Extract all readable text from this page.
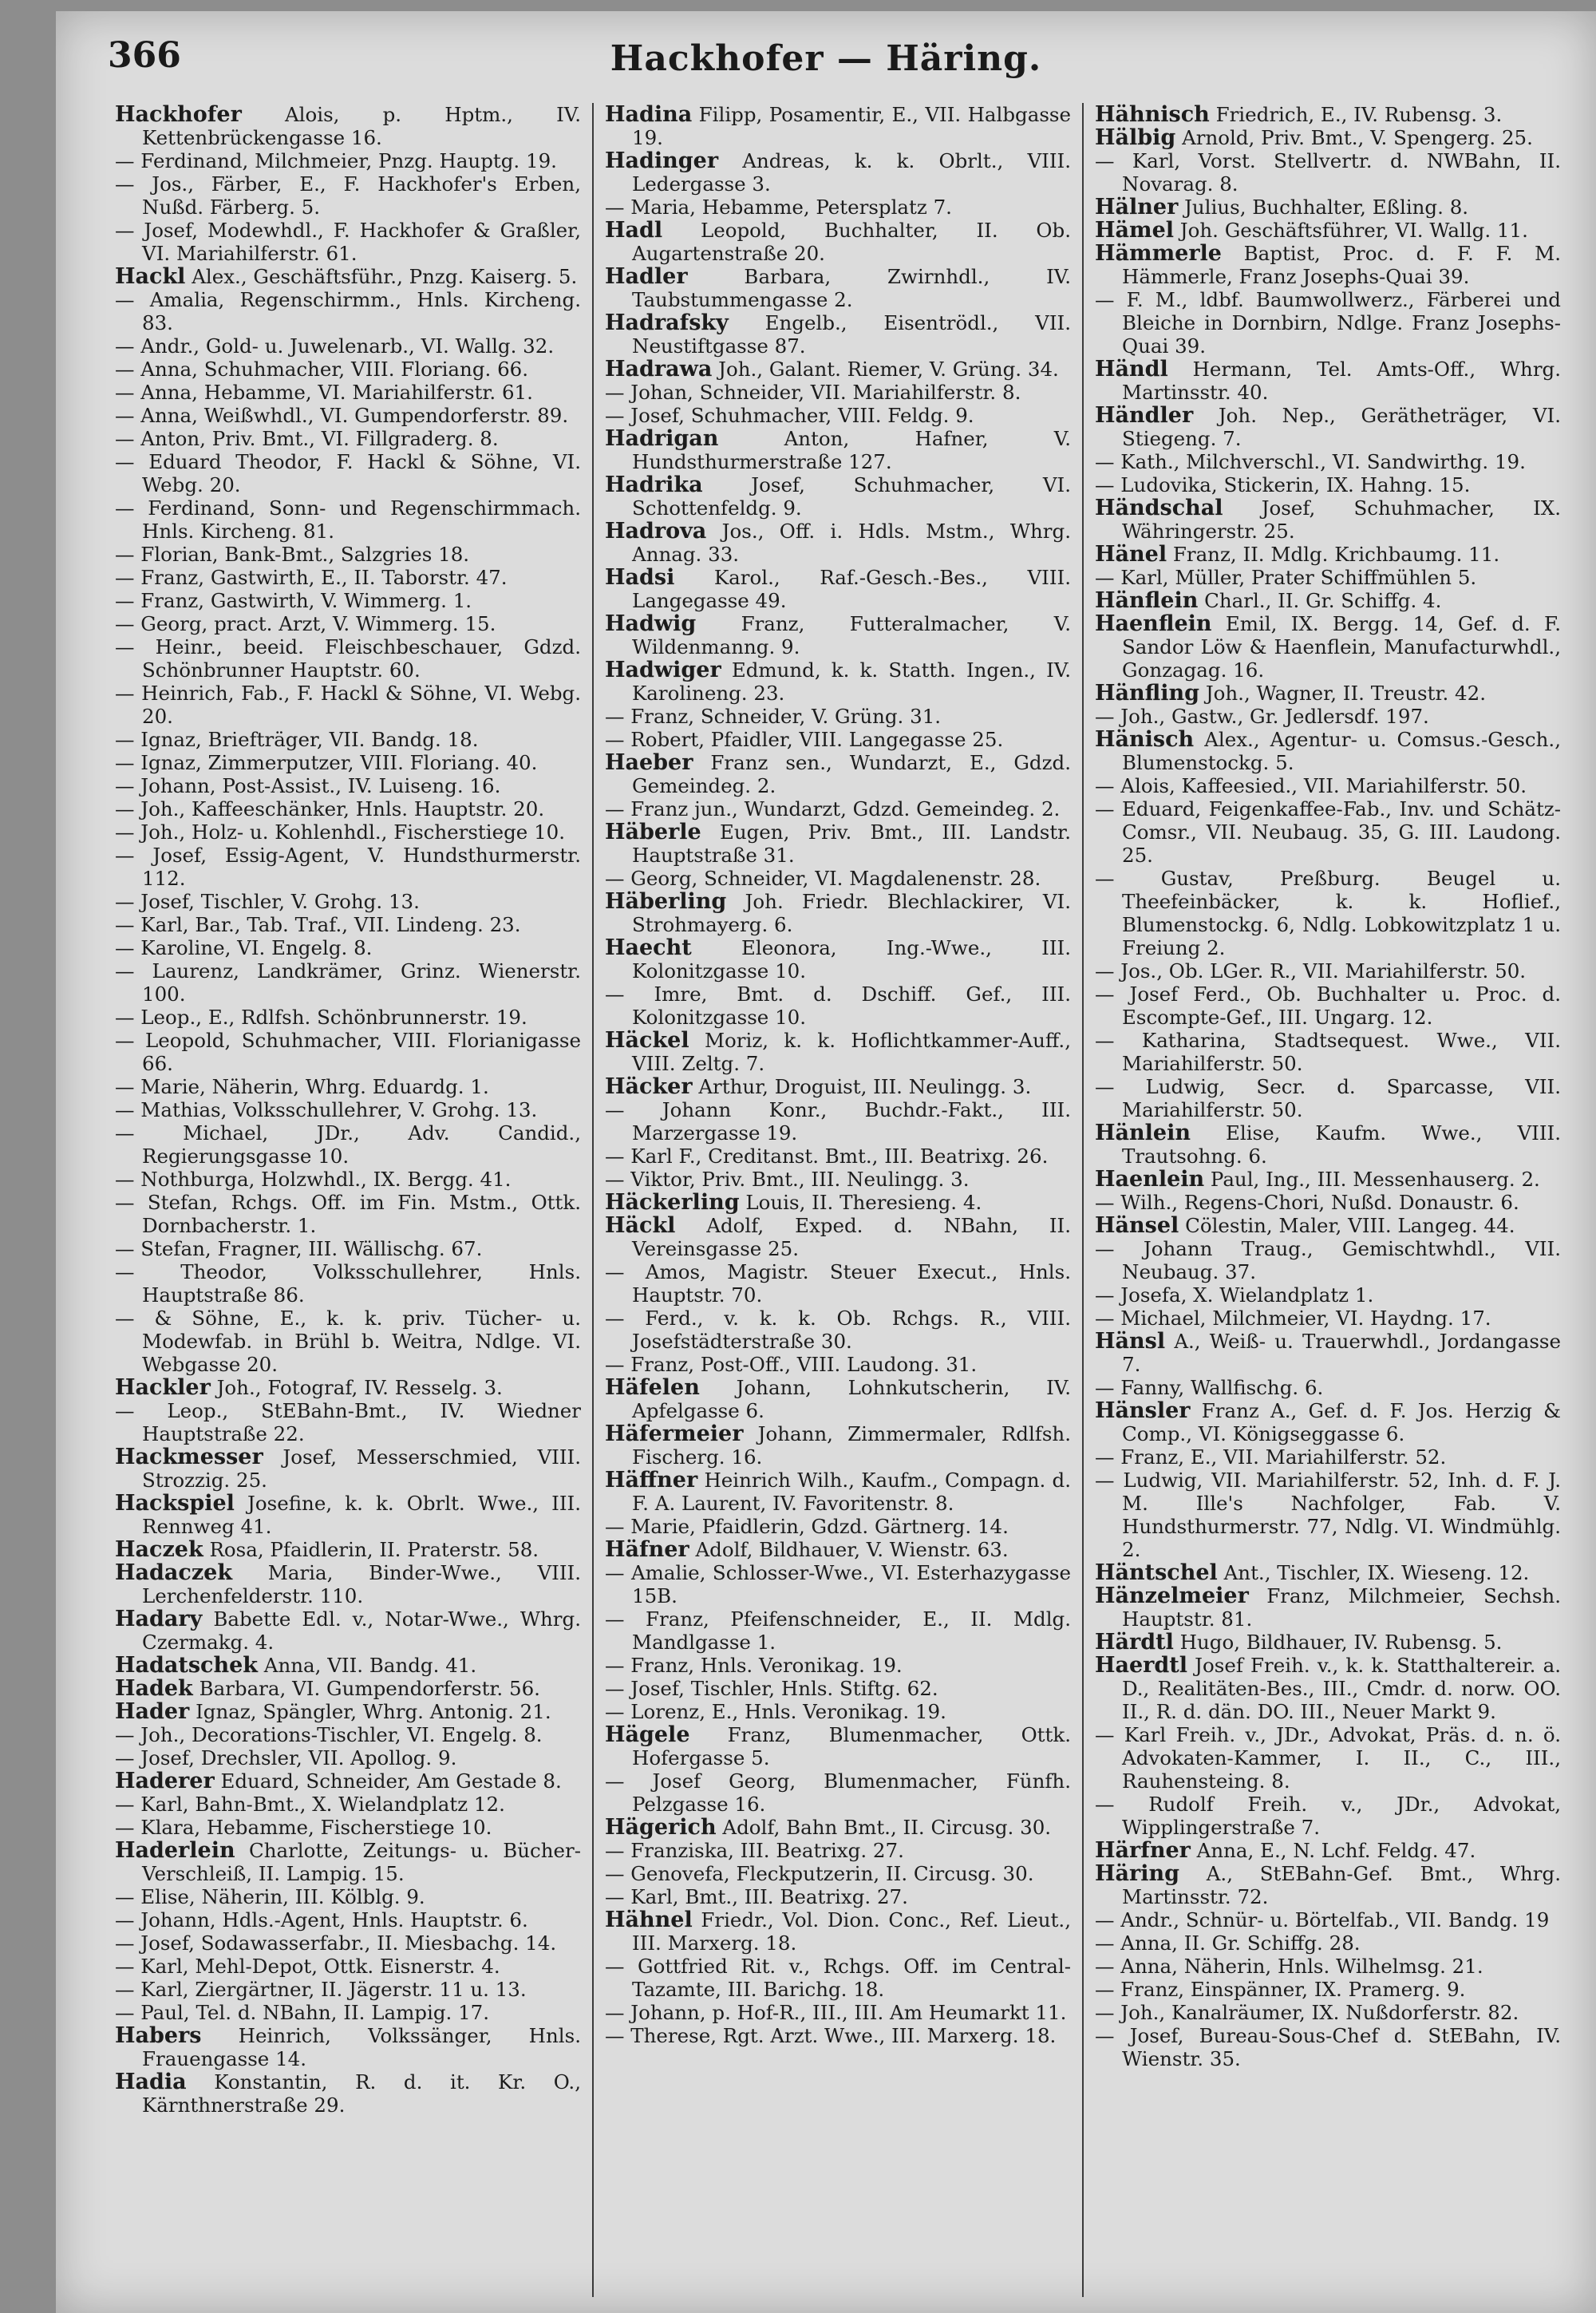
366	Hackhofer — Häring.

Hackhofer Alois, p. Hptm., IV. Kettenbrückengasse 16.

— Ferdinand, Milchmeier, Pnzg. Hauptg. 19.

— Jos., Färber, E., F. Hackhofer's Erben, Nußd. Färberg. 5.

— Josef, Modewhdl., F. Hackhofer & Graßler, VI. Mariahilferstr. 61.

Hackl Alex., Geschäftsführ., Pnzg. Kaiserg. 5.

— Amalia, Regenschirmm., Hnls. Kircheng. 83.

— Andr., Gold- u. Juwelenarb., VI. Wallg. 32.

— Anna, Schuhmacher, VIII. Floriang. 66.

— Anna, Hebamme, VI. Mariahilferstr. 61.

— Anna, Weißwhdl., VI. Gumpendorferstr. 89.

— Anton, Priv. Bmt., VI. Fillgraderg. 8.

— Eduard Theodor, F. Hackl & Söhne, VI. Webg. 20.

— Ferdinand, Sonn- und Regenschirmmach. Hnls. Kircheng. 81.

— Florian, Bank-Bmt., Salzgries 18.

— Franz, Gastwirth, E., II. Taborstr. 47.

— Franz, Gastwirth, V. Wimmerg. 1.

— Georg, pract. Arzt, V. Wimmerg. 15.

— Heinr., beeid. Fleischbeschauer, Gdzd. Schönbrunner Hauptstr. 60.

— Heinrich, Fab., F. Hackl & Söhne, VI. Webg. 20.

— Ignaz, Briefträger, VII. Bandg. 18.

— Ignaz, Zimmerputzer, VIII. Floriang. 40.

— Johann, Post-Assist., IV. Luiseng. 16.

— Joh., Kaffeeschänker, Hnls. Hauptstr. 20.

— Joh., Holz- u. Kohlenhdl., Fischerstiege 10.

— Josef, Essig-Agent, V. Hundsthurmerstr. 112.

— Josef, Tischler, V. Grohg. 13.

— Karl, Bar., Tab. Traf., VII. Lindeng. 23.

— Karoline, VI. Engelg. 8.

— Laurenz, Landkrämer, Grinz. Wienerstr. 100.

— Leop., E., Rdlfsh. Schönbrunnerstr. 19.

— Leopold, Schuhmacher, VIII. Florianigasse 66.

— Marie, Näherin, Whrg. Eduardg. 1.

— Mathias, Volksschullehrer, V. Grohg. 13.

— Michael, JDr., Adv. Candid., Regierungsgasse 10.

— Nothburga, Holzwhdl., IX. Bergg. 41.

— Stefan, Rchgs. Off. im Fin. Mstm., Ottk. Dornbacherstr. 1.

— Stefan, Fragner, III. Wällischg. 67.

— Theodor, Volksschullehrer, Hnls. Hauptstraße 86.

— & Söhne, E., k. k. priv. Tücher- u. Modewfab. in Brühl b. Weitra, Ndlge. VI. Webgasse 20.

Hackler Joh., Fotograf, IV. Resselg. 3.

— Leop., StEBahn-Bmt., IV. Wiedner Hauptstraße 22.

Hackmesser Josef, Messerschmied, VIII. Strozzig. 25.

Hackspiel Josefine, k. k. Obrlt. Wwe., III. Rennweg 41.

Haczek Rosa, Pfaidlerin, II. Praterstr. 58.

Hadaczek Maria, Binder-Wwe., VIII. Lerchenfelderstr. 110.

Hadary Babette Edl. v., Notar-Wwe., Whrg. Czermakg. 4.

Hadatschek Anna, VII. Bandg. 41.

Hadek Barbara, VI. Gumpendorferstr. 56.

Hader Ignaz, Spängler, Whrg. Antonig. 21.

— Joh., Decorations-Tischler, VI. Engelg. 8.

— Josef, Drechsler, VII. Apollog. 9.

Haderer Eduard, Schneider, Am Gestade 8.

— Karl, Bahn-Bmt., X. Wielandplatz 12.

— Klara, Hebamme, Fischerstiege 10.

Haderlein Charlotte, Zeitungs- u. Bücher-Verschleiß, II. Lampig. 15.

— Elise, Näherin, III. Kölblg. 9.

— Johann, Hdls.-Agent, Hnls. Hauptstr. 6.

— Josef, Sodawasserfabr., II. Miesbachg. 14.

— Karl, Mehl-Depot, Ottk. Eisnerstr. 4.

— Karl, Ziergärtner, II. Jägerstr. 11 u. 13.

— Paul, Tel. d. NBahn, II. Lampig. 17.

Habers Heinrich, Volkssänger, Hnls. Frauengasse 14.

Hadia Konstantin, R. d. it. Kr. O., Kärnthnerstraße 29.

Hadina Filipp, Posamentir, E., VII. Halbgasse 19.

Hadinger Andreas, k. k. Obrlt., VIII. Ledergasse 3.

— Maria, Hebamme, Petersplatz 7.

Hadl Leopold, Buchhalter, II. Ob. Augartenstraße 20.

Hadler Barbara, Zwirnhdl., IV. Taubstummengasse 2.

Hadrafsky Engelb., Eisentrödl., VII. Neustiftgasse 87.

Hadrawa Joh., Galant. Riemer, V. Grüng. 34.

— Johan, Schneider, VII. Mariahilferstr. 8.

— Josef, Schuhmacher, VIII. Feldg. 9.

Hadrigan Anton, Hafner, V. Hundsthurmerstraße 127.

Hadrika Josef, Schuhmacher, VI. Schottenfeldg. 9.

Hadrova Jos., Off. i. Hdls. Mstm., Whrg. Annag. 33.

Hadsi Karol., Raf.-Gesch.-Bes., VIII. Langegasse 49.

Hadwig Franz, Futteralmacher, V. Wildenmanng. 9.

Hadwiger Edmund, k. k. Statth. Ingen., IV. Karolineng. 23.

— Franz, Schneider, V. Grüng. 31.

— Robert, Pfaidler, VIII. Langegasse 25.

Haeber Franz sen., Wundarzt, E., Gdzd. Gemeindeg. 2.

— Franz jun., Wundarzt, Gdzd. Gemeindeg. 2.

Häberle Eugen, Priv. Bmt., III. Landstr. Hauptstraße 31.

— Georg, Schneider, VI. Magdalenenstr. 28.

Häberling Joh. Friedr. Blechlackirer, VI. Strohmayerg. 6.

Haecht Eleonora, Ing.-Wwe., III. Kolonitzgasse 10.

— Imre, Bmt. d. Dschiff. Gef., III. Kolonitzgasse 10.

Häckel Moriz, k. k. Hoflichtkammer-Auff., VIII. Zeltg. 7.

Häcker Arthur, Droguist, III. Neulingg. 3.

— Johann Konr., Buchdr.-Fakt., III. Marzergasse 19.

— Karl F., Creditanst. Bmt., III. Beatrixg. 26.

— Viktor, Priv. Bmt., III. Neulingg. 3.

Häckerling Louis, II. Theresieng. 4.

Häckl Adolf, Exped. d. NBahn, II. Vereinsgasse 25.

— Amos, Magistr. Steuer Execut., Hnls. Hauptstr. 70.

— Ferd., v. k. k. Ob. Rchgs. R., VIII. Josefstädterstraße 30.

— Franz, Post-Off., VIII. Laudong. 31.

Häfelen Johann, Lohnkutscherin, IV. Apfelgasse 6.

Häfermeier Johann, Zimmermaler, Rdlfsh. Fischerg. 16.

Häffner Heinrich Wilh., Kaufm., Compagn. d. F. A. Laurent, IV. Favoritenstr. 8.

— Marie, Pfaidlerin, Gdzd. Gärtnerg. 14.

Häfner Adolf, Bildhauer, V. Wienstr. 63.

— Amalie, Schlosser-Wwe., VI. Esterhazygasse 15B.

— Franz, Pfeifenschneider, E., II. Mdlg. Mandlgasse 1.

— Franz, Hnls. Veronikag. 19.

— Josef, Tischler, Hnls. Stiftg. 62.

— Lorenz, E., Hnls. Veronikag. 19.

Hägele Franz, Blumenmacher, Ottk. Hofergasse 5.

— Josef Georg, Blumenmacher, Fünfh. Pelzgasse 16.

Hägerich Adolf, Bahn Bmt., II. Circusg. 30.

— Franziska, III. Beatrixg. 27.

— Genovefa, Fleckputzerin, II. Circusg. 30.

— Karl, Bmt., III. Beatrixg. 27.

Hähnel Friedr., Vol. Dion. Conc., Ref. Lieut., III. Marxerg. 18.

— Gottfried Rit. v., Rchgs. Off. im Central-Tazamte, III. Barichg. 18.

— Johann, p. Hof-R., III., III. Am Heumarkt 11.

— Therese, Rgt. Arzt. Wwe., III. Marxerg. 18.

Hähnisch Friedrich, E., IV. Rubensg. 3.

Hälbig Arnold, Priv. Bmt., V. Spengerg. 25.

— Karl, Vorst. Stellvertr. d. NWBahn, II. Novarag. 8.

Hälner Julius, Buchhalter, Eßling. 8.

Hämel Joh. Geschäftsführer, VI. Wallg. 11.

Hämmerle Baptist, Proc. d. F. F. M. Hämmerle, Franz Josephs-Quai 39.

— F. M., ldbf. Baumwollwerz., Färberei und Bleiche in Dornbirn, Ndlge. Franz Josephs-Quai 39.

Händl Hermann, Tel. Amts-Off., Whrg. Martinsstr. 40.

Händler Joh. Nep., Gerätheträger, VI. Stiegeng. 7.

— Kath., Milchverschl., VI. Sandwirthg. 19.

— Ludovika, Stickerin, IX. Hahng. 15.

Händschal Josef, Schuhmacher, IX. Währingerstr. 25.

Hänel Franz, II. Mdlg. Krichbaumg. 11.

— Karl, Müller, Prater Schiffmühlen 5.

Hänflein Charl., II. Gr. Schiffg. 4.

Haenflein Emil, IX. Bergg. 14, Gef. d. F. Sandor Löw & Haenflein, Manufacturwhdl., Gonzagag. 16.

Hänfling Joh., Wagner, II. Treustr. 42.

— Joh., Gastw., Gr. Jedlersdf. 197.

Hänisch Alex., Agentur- u. Comsus.-Gesch., Blumenstockg. 5.

— Alois, Kaffeesied., VII. Mariahilferstr. 50.

— Eduard, Feigenkaffee-Fab., Inv. und Schätz-Comsr., VII. Neubaug. 35, G. III. Laudong. 25.

— Gustav, Preßburg. Beugel u. Theefeinbäcker, k. k. Hoflief., Blumenstockg. 6, Ndlg. Lobkowitzplatz 1 u. Freiung 2.

— Jos., Ob. LGer. R., VII. Mariahilferstr. 50.

— Josef Ferd., Ob. Buchhalter u. Proc. d. Escompte-Gef., III. Ungarg. 12.

— Katharina, Stadtsequest. Wwe., VII. Mariahilferstr. 50.

— Ludwig, Secr. d. Sparcasse, VII. Mariahilferstr. 50.

Hänlein Elise, Kaufm. Wwe., VIII. Trautsohng. 6.

Haenlein Paul, Ing., III. Messenhauserg. 2.

— Wilh., Regens-Chori, Nußd. Donaustr. 6.

Hänsel Cölestin, Maler, VIII. Langeg. 44.

— Johann Traug., Gemischtwhdl., VII. Neubaug. 37.

— Josefa, X. Wielandplatz 1.

— Michael, Milchmeier, VI. Haydng. 17.

Hänsl A., Weiß- u. Trauerwhdl., Jordangasse 7.

— Fanny, Wallfischg. 6.

Hänsler Franz A., Gef. d. F. Jos. Herzig & Comp., VI. Königseggasse 6.

— Franz, E., VII. Mariahilferstr. 52.

— Ludwig, VII. Mariahilferstr. 52, Inh. d. F. J. M. Ille's Nachfolger, Fab. V. Hundsthurmerstr. 77, Ndlg. VI. Windmühlg. 2.

Häntschel Ant., Tischler, IX. Wieseng. 12.

Hänzelmeier Franz, Milchmeier, Sechsh. Hauptstr. 81.

Härdtl Hugo, Bildhauer, IV. Rubensg. 5.

Haerdtl Josef Freih. v., k. k. Statthaltereir. a. D., Realitäten-Bes., III., Cmdr. d. norw. OO. II., R. d. dän. DO. III., Neuer Markt 9.

— Karl Freih. v., JDr., Advokat, Präs. d. n. ö. Advokaten-Kammer, I. II., C., III., Rauhensteing. 8.

— Rudolf Freih. v., JDr., Advokat, Wipplingerstraße 7.

Härfner Anna, E., N. Lchf. Feldg. 47.

Häring A., StEBahn-Gef. Bmt., Whrg. Martinsstr. 72.

— Andr., Schnür- u. Börtelfab., VII. Bandg. 19

— Anna, II. Gr. Schiffg. 28.

— Anna, Näherin, Hnls. Wilhelmsg. 21.

— Franz, Einspänner, IX. Pramerg. 9.

— Joh., Kanalräumer, IX. Nußdorferstr. 82.

— Josef, Bureau-Sous-Chef d. StEBahn, IV. Wienstr. 35.
